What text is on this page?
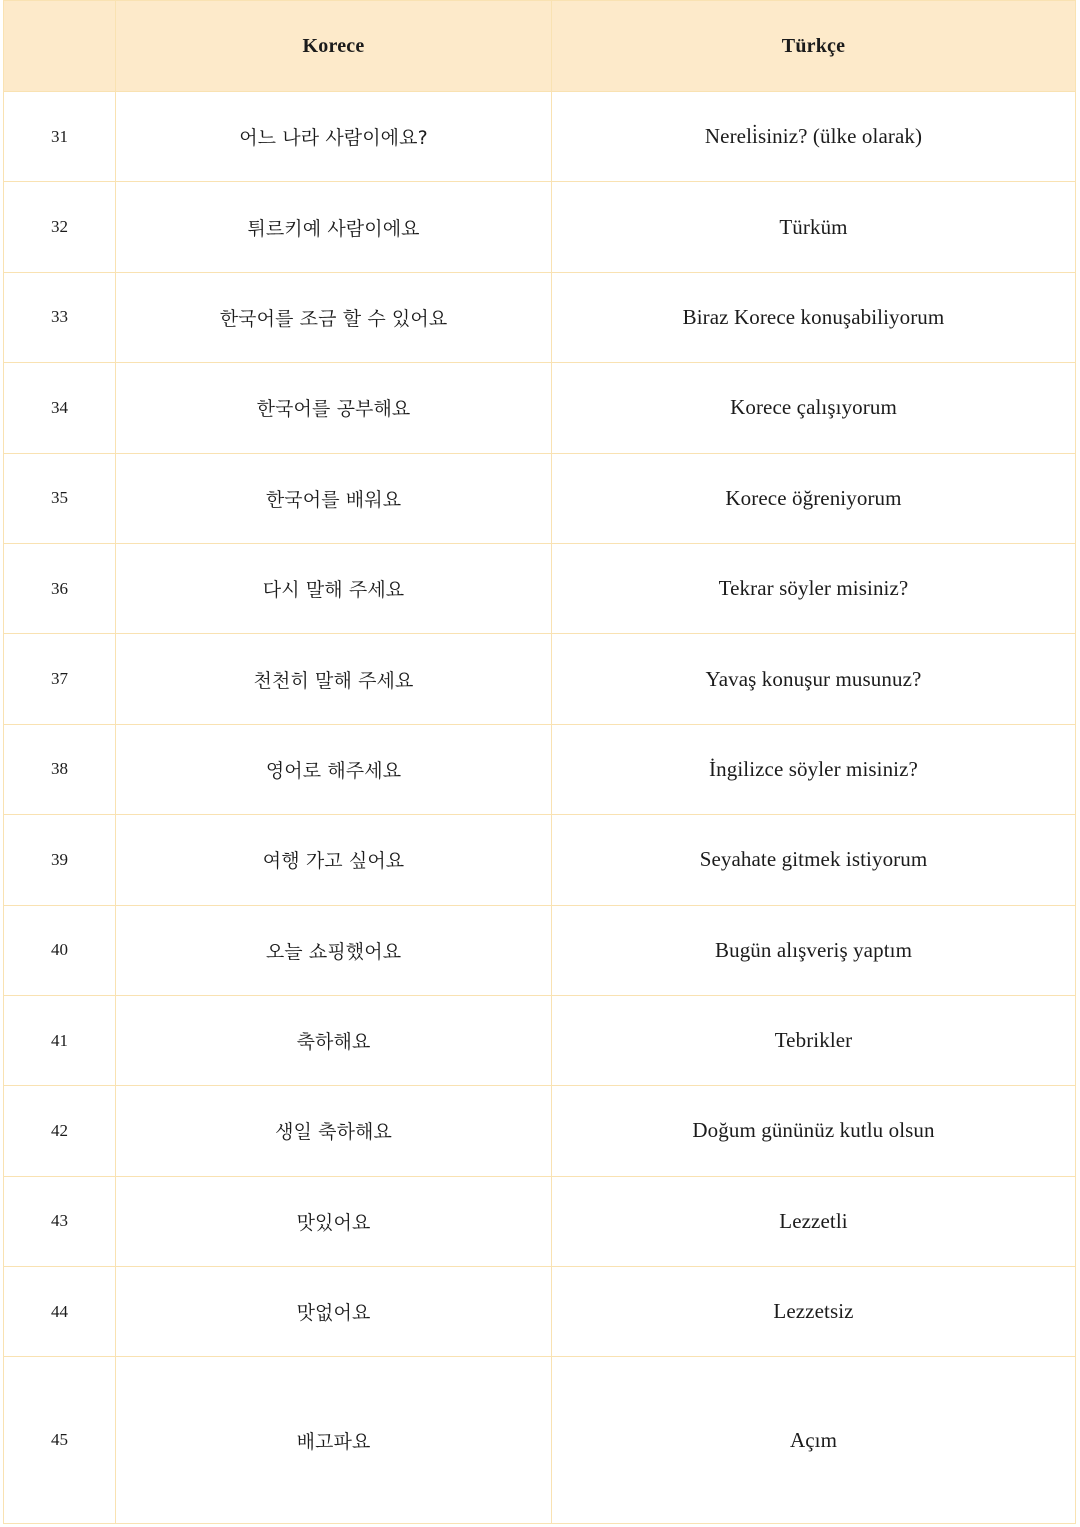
	Korece	Türkçe
31	어느 나라 사람이에요?	Nereli̇siniz? (ülke olarak)
32	튀르키예 사람이에요	Türküm
33	한국어를 조금 할 수 있어요	Biraz Korece konuşabiliyorum
34	한국어를 공부해요	Korece çalışıyorum
35	한국어를 배워요	Korece öğreniyorum
36	다시 말해 주세요	Tekrar söyler misiniz?
37	천천히 말해 주세요	Yavaş konuşur musunuz?
38	영어로 해주세요	İngilizce söyler misiniz?
39	여행 가고 싶어요	Seyahate gitmek istiyorum
40	오늘 쇼핑했어요	Bugün alışveriş yaptım
41	축하해요	Tebrikler
42	생일 축하해요	Doğum gününüz kutlu olsun
43	맛있어요	Lezzetli
44	맛없어요	Lezzetsiz
45	배고파요	Açım
